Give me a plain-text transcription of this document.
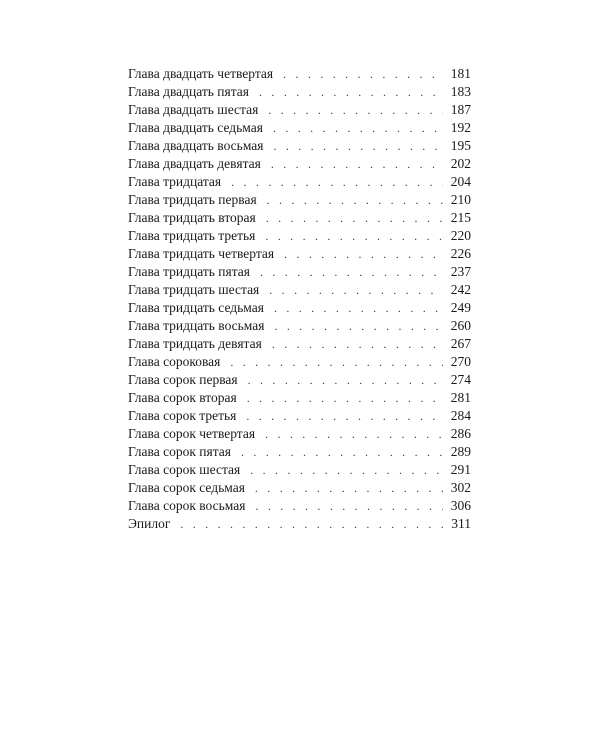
Глава двадцать четвертая . . .	181
Глава двадцать пятая . . .	183
Глава двадцать шестая . . .	187
Глава двадцать седьмая . . .	192
Глава двадцать восьмая . . .	195
Глава двадцать девятая . . .	202
Глава тридцатая . . .	204
Глава тридцать первая . . .	210
Глава тридцать вторая . . .	215
Глава тридцать третья . . .	220
Глава тридцать четвертая . . .	226
Глава тридцать пятая . . .	237
Глава тридцать шестая . . .	242
Глава тридцать седьмая . . .	249
Глава тридцать восьмая . . .	260
Глава тридцать девятая . . .	267
Глава сороковая . . .	270
Глава сорок первая . . .	274
Глава сорок вторая . . .	281
Глава сорок третья . . .	284
Глава сорок четвертая . . .	286
Глава сорок пятая . . .	289
Глава сорок шестая . . .	291
Глава сорок седьмая . . .	302
Глава сорок восьмая . . .	306
Эпилог . . .	311
